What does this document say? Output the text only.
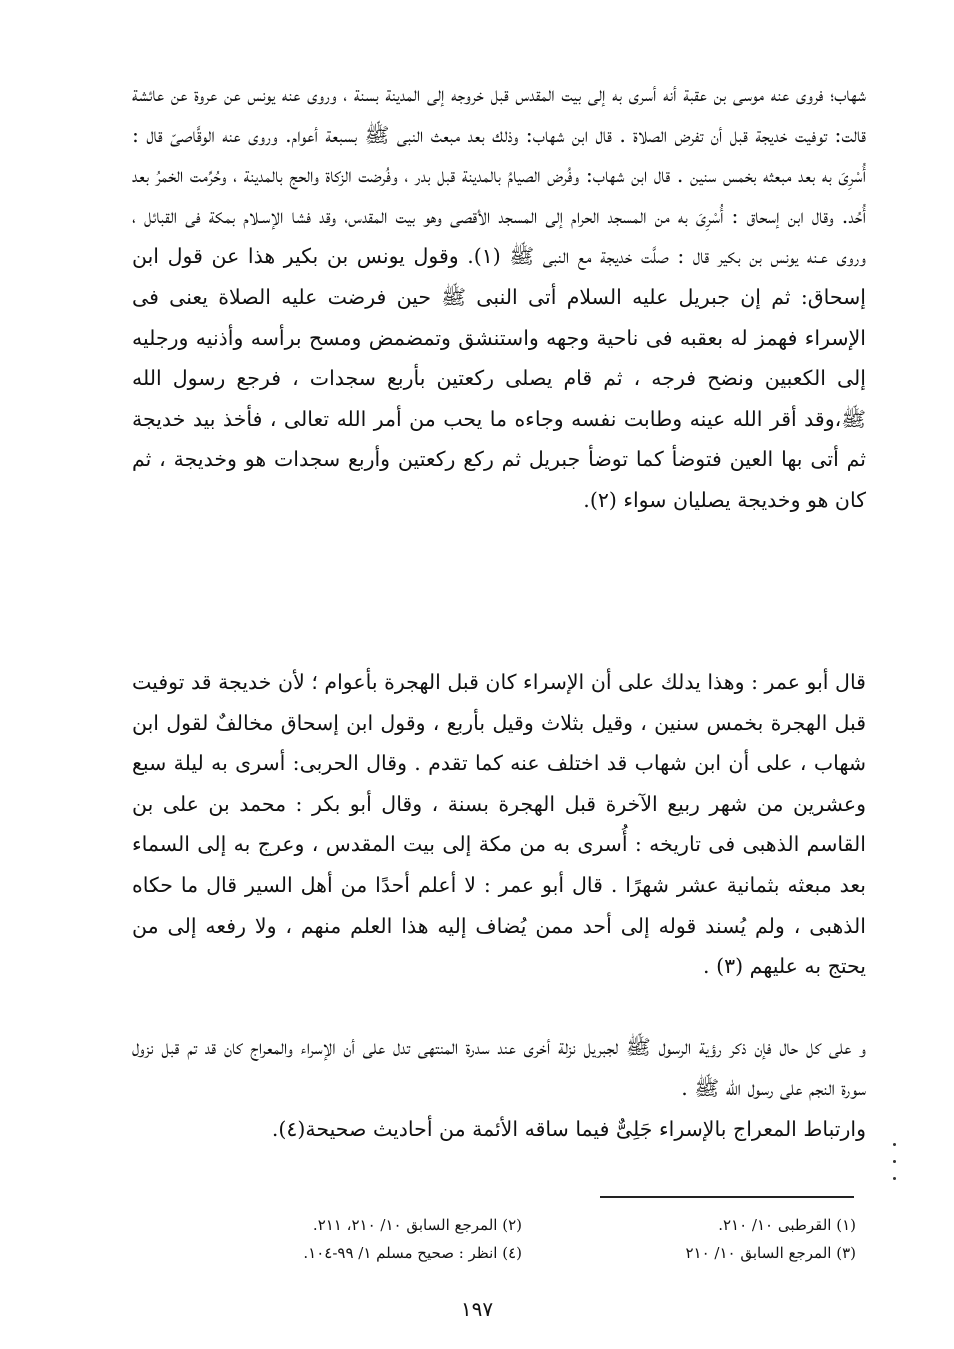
شهاب؛ فروى عنه موسى بن عقبة أنه أسرى به إلى بيت المقدس قبل خروجه إلى المدينة بسنة ، وروى عنه يونس عن عروة عن عائشة قالت: توفيت خديجة قبل أن تفرض الصلاة . قال ابن شهاب: وذلك بعد مبعث النبى ﷺ بسبعة أعوام. وروى عنه الوقَّاصىّ قال : أُسْرِىَ به بعد مبعثه بخمس سنين . قال ابن شهاب: وفُرض الصيامُ بالمدينة قبل بدر ، وفُرضت الزكاة والحج بالمدينة ، وحُرِّمت الخمرُ بعد أُحُد. وقال ابن إسحاق : أُسْرِىَ به من المسجد الحرام إلى المسجد الأقصى وهو بيت المقدس، وقد فشا الإسـلام بمكة فى القبائل ، وروى عـنه يونس بن بكير قال : صلَّت خديجة مع النبى ﷺ (١). وقول يونس بن بكير هذا عن قول ابن إسحاق: ثم إن جبريل عليه السلام أتى النبى ﷺ حين فرضت عليه الصلاة يعنى فى الإسراء فهمز له بعقبه فى ناحية وجهه واستنشق وتمضمض ومسح برأسه وأذنيه ورجليه إلى الكعبين ونضح فرجه ، ثم قام يصلى ركعتين بأربع سجدات ، فرجع رسول الله ﷺ،وقد أقر الله عينه وطابت نفسه وجاءه ما يحب من أمر الله تعالى ، فأخذ بيد خديجة ثم أتى بها العين فتوضأ كما توضأ جبريل ثم ركع ركعتين وأربع سجدات هو وخديجة ، ثم كان هو وخديجة يصليان سواء (٢).

قال أبو عمر : وهذا يدلك على أن الإسراء كان قبل الهجرة بأعوام ؛ لأن خديجة قد توفيت قبل الهجرة بخمس سنين ، وقيل بثلاث وقيل بأربع ، وقول ابن إسحاق مخالفٌ لقول ابن شهاب ، على أن ابن شهاب قد اختلف عنه كما تقدم . وقال الحربى: أسرى به ليلة سبع وعشرين من شهر ربيع الآخرة قبل الهجرة بسنة ، وقال أبو بكر : محمد بن على بن القاسم الذهبى فى تاريخه : أُسرى به من مكة إلى بيت المقدس ، وعرج به إلى السماء بعد مبعثه بثمانية عشر شهرًا . قال أبو عمر : لا أعلم أحدًا من أهل السير قال ما حكاه الذهبى ، ولم يُسند قوله إلى أحد ممن يُضاف إليه هذا العلم منهم ، ولا رفعه إلى من يحتج به عليهم (٣) .

و على كل حال فإن ذكر رؤية الرسول ﷺ لجبريل نزلة أخرى عند سدرة المنتهى تدل على أن الإسراء والمعراج كان قد تم قبل نزول سورة النجم على رسول الله ﷺ .

وارتباط المعراج بالإسراء جَلِىٌّ فيما ساقه الأئمة من أحاديث صحيحة(٤).

(١) القرطبى ١٠/ ٢١٠.
(٢) المرجع السابق ١٠/ ٢١٠، ٢١١.
(٣) المرجع السابق ١٠/ ٢١٠
(٤) انظر : صحيح مسلم ١/ ٩٩-١٠٤.
١٩٧
